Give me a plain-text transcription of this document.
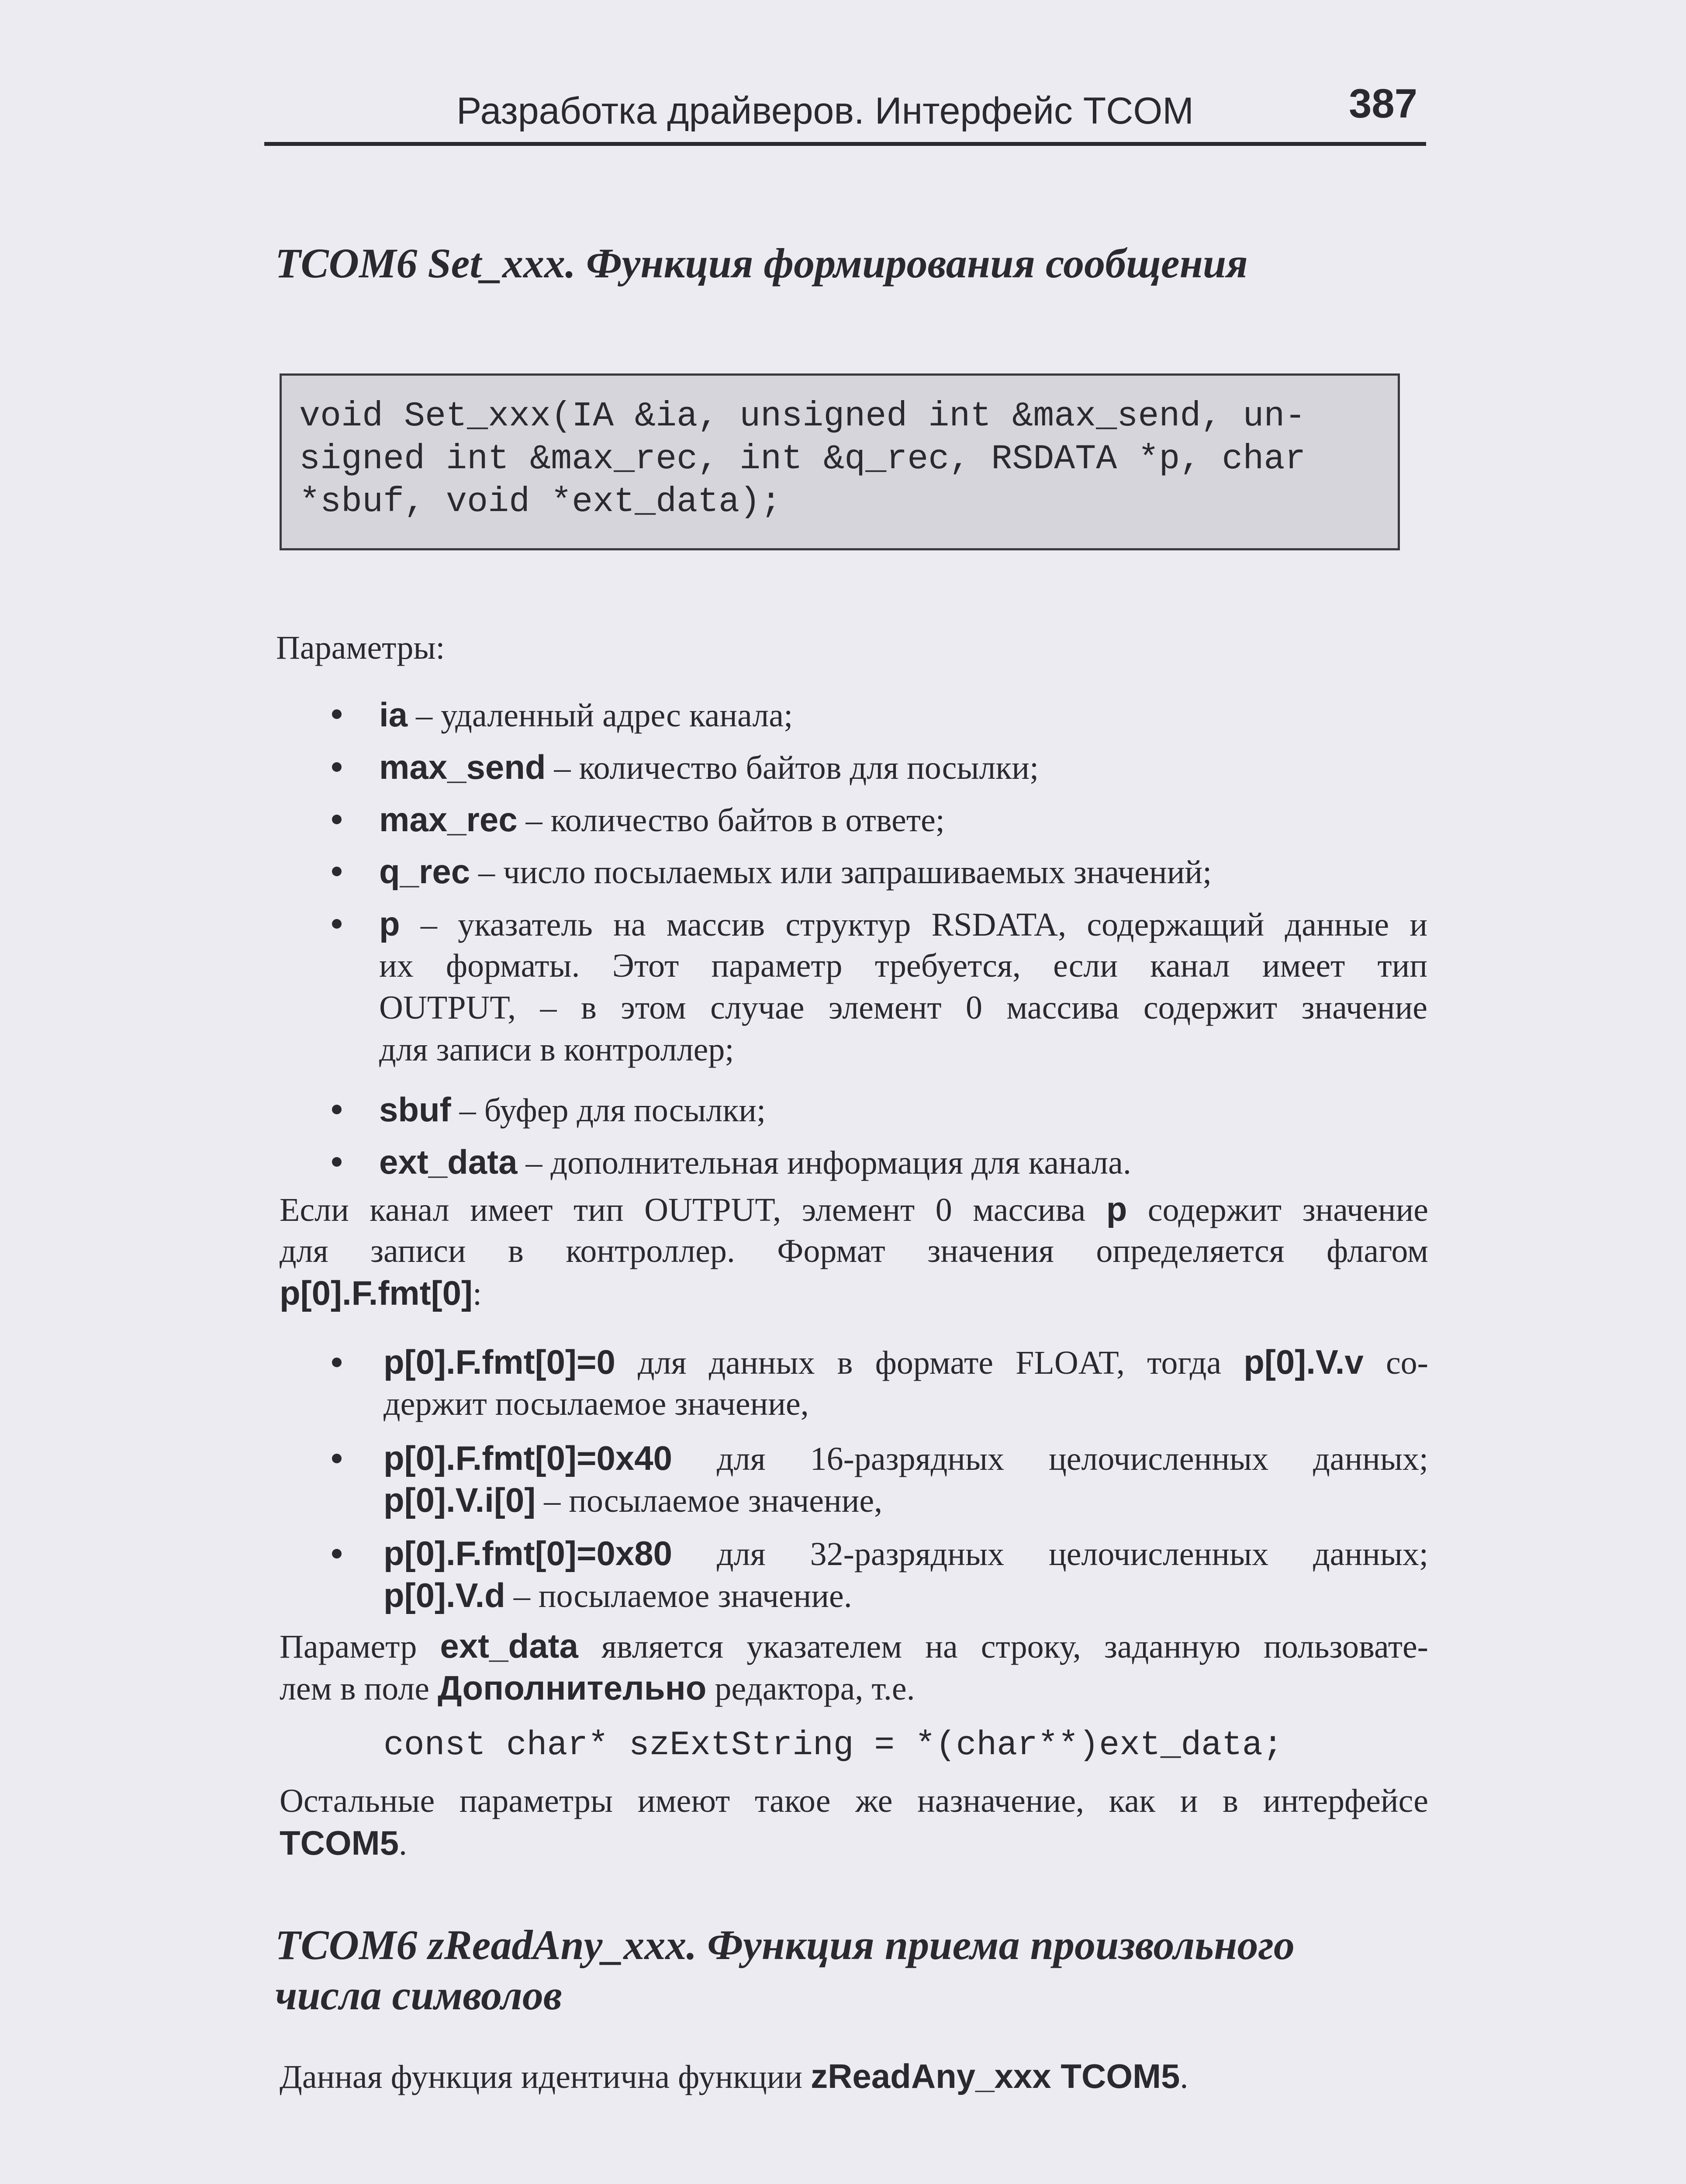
Разработка драйверов. Интерфейс TCOM	387
TCOM6 Set_xxx. Функция формирования сообщения
void Set_xxx(IA &ia, unsigned int &max_send, un-
signed int &max_rec, int &q_rec, RSDATA *p, char
*sbuf, void *ext_data);
Параметры:
ia – удаленный адрес канала;
max_send – количество байтов для посылки;
max_rec – количество байтов в ответе;
q_rec – число посылаемых или запрашиваемых значений;
p – указатель на массив структур RSDATA, содержащий данные и
их форматы. Этот параметр требуется, если канал имеет тип
OUTPUT, – в этом случае элемент 0 массива содержит значение
для записи в контроллер;
sbuf – буфер для посылки;
ext_data – дополнительная информация для канала.
Если канал имеет тип OUTPUT, элемент 0 массива p содержит значение
для записи в контроллер. Формат значения определяется флагом
p[0].F.fmt[0]:
p[0].F.fmt[0]=0 для данных в формате FLOAT, тогда p[0].V.v со-
держит посылаемое значение,
p[0].F.fmt[0]=0x40 для 16-разрядных целочисленных данных;
p[0].V.i[0] – посылаемое значение,
p[0].F.fmt[0]=0x80 для 32-разрядных целочисленных данных;
p[0].V.d – посылаемое значение.
Параметр ext_data является указателем на строку, заданную пользовате-
лем в поле Дополнительно редактора, т.е.
const char* szExtString = *(char**)ext_data;
Остальные параметры имеют такое же назначение, как и в интерфейсе
TCOM5.
TCOM6 zReadAny_xxx. Функция приема произвольного
числа символов
Данная функция идентична функции zReadAny_xxx TCOM5.
